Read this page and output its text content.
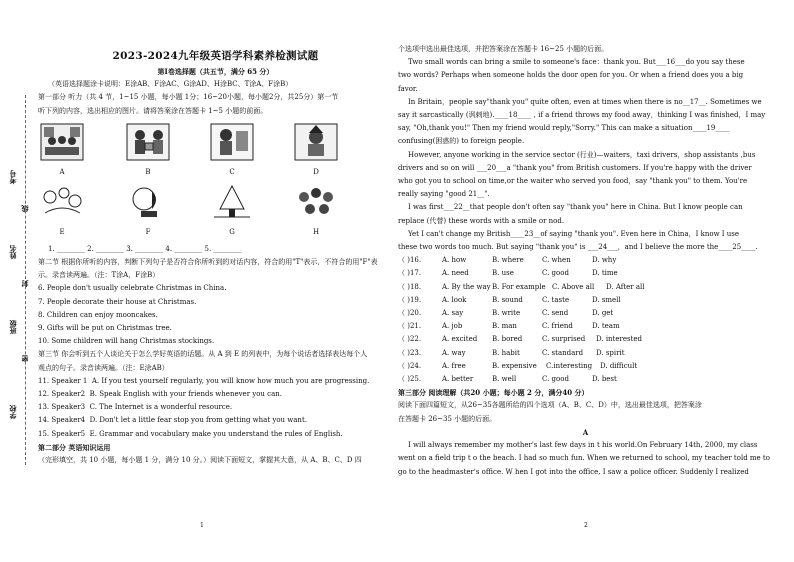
考号
姓名
班级
学校
线
封
密

2023-2024九年级英语学科素养检测试题

第Ⅰ卷选择题（共五节，满分 65 分）

（英语选择题涂卡说明：E涂AB、F涂AC、G涂AD、H涂BC、T涂A、F涂B）

第一部分 听力（共 4 节，1~15 小题，每小题 1分；16~20小题，每小题2分，共25分）第一节

听下列的内容，选出相应的图片。请将答案涂在答题卡 1~5 小题的前面。

A	B	C	D
E	F	G	H

1. ________ 2. ________ 3. ________ 4. ________ 5. ________

第二节 根据你所听的内容，判断下列句子是否符合你所听到的对话内容，符合的用"T"表示，不符合的用"F"表

示。录音读两遍。（注：T涂A，F涂B）

6. People don't usually celebrate Christmas in China.

7. People decorate their house at Christmas.

8. Children can enjoy mooncakes.

9. Gifts will be put on Christmas tree.

10. Some children will hang Christmas stockings.

第三节 你会听到五个人谈论关于怎么学好英语的话题。从 A 到 E 的列表中，为每个说话者选择表达每个人

观点的句子。录音读两遍。（注：E涂AB）

11. Speaker 1 A. If you test yourself regularly, you will know how much you are progressing.

12. Speaker2 B. Speak English with your friends whenever you can.

13. Speaker3 C. The Internet is a wonderful resource.

14. Speaker4 D. Don't let a little fear stop you from getting what you want.

15. Speaker5 E. Grammar and vocabulary make you understand the rules of English.

第二部分 英语知识运用

（完形填空，共 10 小题，每小题 1 分，满分 10 分。）阅读下面短文，掌握其大意，从 A、B、C、D 四

个选项中选出最佳选项，并把答案涂在答题卡 16~25 小题的后面。

Two small words can bring a smile to someone's face：thank you. But___16___do you say these

two words? Perhaps when someone holds the door open for you. Or when a friend does you a big

favor.

In Britain，people say"thank you" quite often, even at times when there is no__17__. Sometimes we

say it sarcastically (讽刺地).____18____ , if a friend throws my food away，thinking I was finished，I may

say, "Oh,thank you!" Then my friend would reply,"Sorry." This can make a situation____19____

confusing(困惑的) to foreign people.

However, anyone working in the service sector (行业)—waiters，taxi drivers，shop assistants ,bus

drivers and so on will ___20___a "thank you" from British customers. If you're happy with the driver

who got you to school on time,or the waiter who served you food，say "thank you" to them. You're

really saying "good 21__".

I was first___22__that people don't often say "thank you" here in China. But I know people can

replace (代替) these words with a smile or nod.

Yet I can't change my British____23__of saying "thank you". Even here in China，I know I use

these two words too much. But saying "thank you" is ___24___，and I believe the more the____25____.

（ )16.	A. how	B. where	C. when	D. why

（ )17.	A. need	B. use	C. good	D. time

（ )18.	A. By the wayB. For example C. Above all D. After all

（ )19.	A. look	B. sound	C. taste	D. smell

（ )20.	A. say	B. write	C. send	D. get

（ )21.	A. job	B. man	C. friend	D. team

（ )22.	A. excited B. bored	C. surprised D. interested

（ )23.	A. way	B. habit	C. standard D. spirit

（ )24.	A. free	B. expensive C.interesting D. difficult

（ )25.	A. better	B. well	C. good	D. best

第三部分 阅读理解（共20 小题；每小题 2 分，满分40 分）

阅读下面四篇短文，从26~35各题所给的四个选项（A、B、C、D）中，选出最佳选项，把答案涂

在答题卡 26~35 小题的后面。

A

I will always remember my mother's last few days in t his world.On February 14th, 2000, my class

went on a field trip t o the beach. I had so much fun. When we returned to school, my teacher told me to

go to the headmaster's office. W hen I got into the office, I saw a police officer. Suddenly I realized

1	2
